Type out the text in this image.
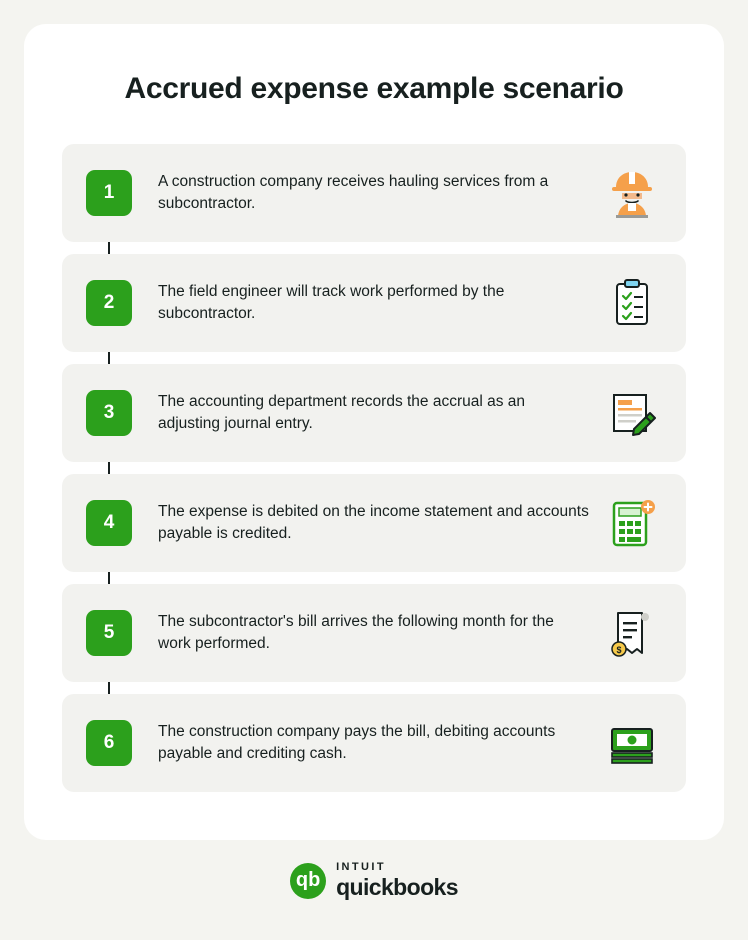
Accrued expense example scenario
1
A construction company receives hauling services from a subcontractor.
2
The field engineer will track work performed by the subcontractor.
3
The accounting department records the accrual as an adjusting journal entry.
4
The expense is debited on the income statement and accounts payable is credited.
5
The subcontractor's bill arrives the following month for the work performed.	$
6
The construction company pays the bill, debiting accounts payable and crediting cash.
qb
INTUIT
quickbooks
